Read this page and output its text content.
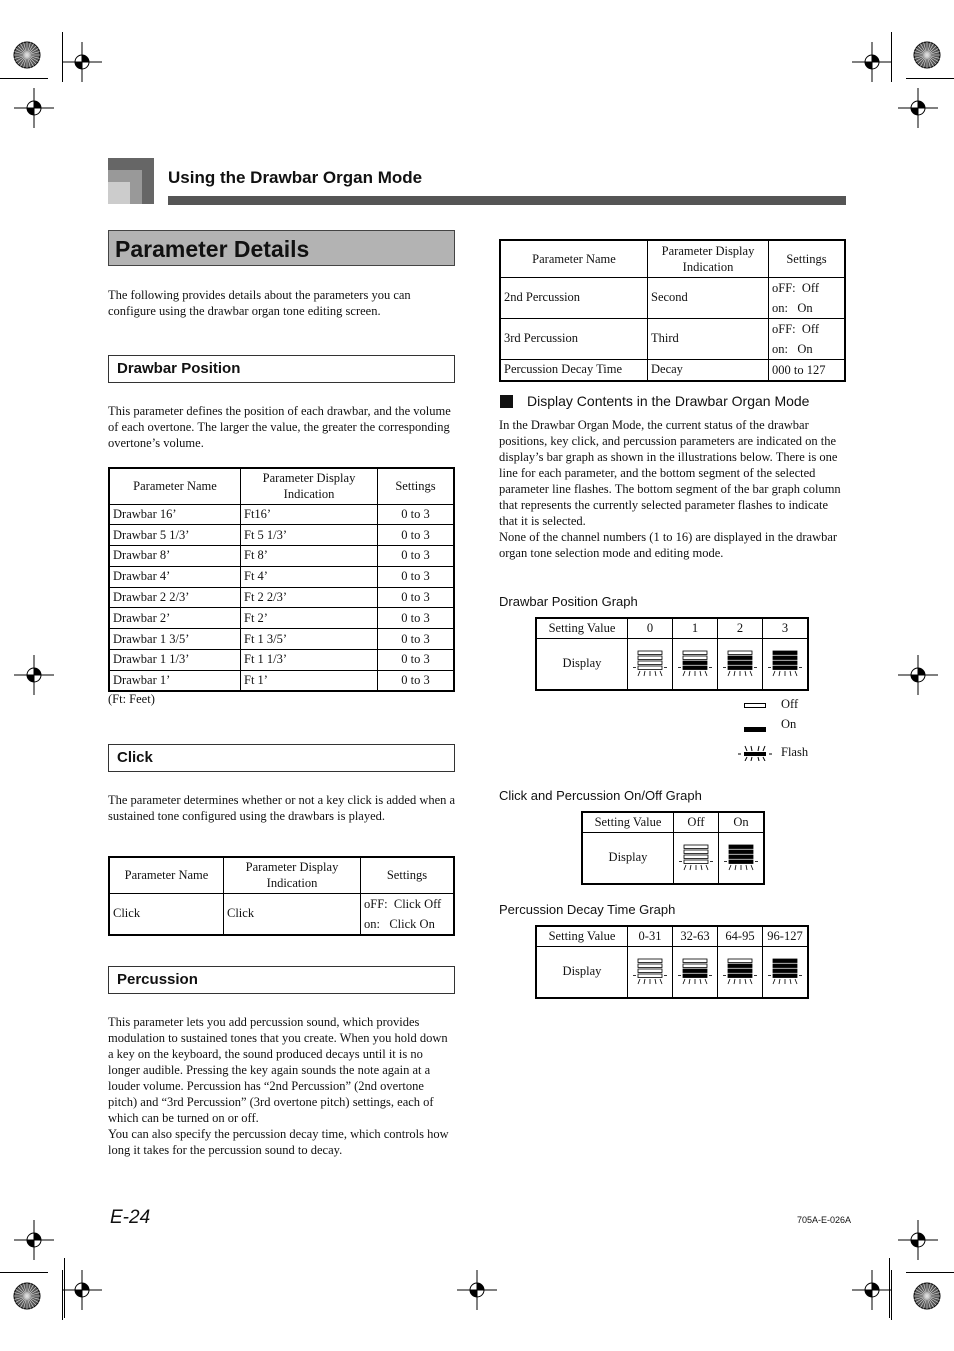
Using the Drawbar Organ Mode
Parameter Details
The following provides details about the parameters you can configure using the drawbar organ tone editing screen.
Drawbar Position
This parameter defines the position of each drawbar, and the volume of each overtone. The larger the value, the greater the corresponding overtone’s volume.
Parameter Name	Parameter Display Indication	Settings
Drawbar 16’	Ft16’	0 to 3
Drawbar 5 1/3’	Ft 5 1/3’	0 to 3
Drawbar 8’	Ft 8’	0 to 3
Drawbar 4’	Ft 4’	0 to 3
Drawbar 2 2/3’	Ft 2 2/3’	0 to 3
Drawbar 2’	Ft 2’	0 to 3
Drawbar 1 3/5’	Ft 1 3/5’	0 to 3
Drawbar 1 1/3’	Ft 1 1/3’	0 to 3
Drawbar 1’	Ft 1’	0 to 3
(Ft: Feet)
Click
The parameter determines whether or not a key click is added when a sustained tone configured using the drawbars is played.
Parameter Name	Parameter Display Indication	Settings
Click	Click	oFF:  Click Off
on:   Click On
Percussion
This parameter lets you add percussion sound, which provides modulation to sustained tones that you create. When you hold down a key on the keyboard, the sound produced decays until it is no longer audible. Pressing the key again sounds the note again at a louder volume. Percussion has “2nd Percussion” (2nd overtone pitch) and “3rd Percussion” (3rd overtone pitch) settings, each of which can be turned on or off.
You can also specify the percussion decay time, which controls how long it takes for the percussion sound to decay.
Parameter Name	Parameter Display Indication	Settings
2nd Percussion	Second	oFF:  Off
on:   On

3rd Percussion	Third	oFF:  Off
on:   On

Percussion Decay Time	Decay	000 to 127
Display Contents in the Drawbar Organ Mode
In the Drawbar Organ Mode, the current status of the drawbar positions, key click, and percussion parameters are indicated on the display’s bar graph as shown in the illustrations below. There is one line for each parameter, and the bottom segment of the selected parameter line flashes. The bottom segment of the bar graph column that represents the currently selected parameter flashes to indicate that it is selected.
None of the channel numbers (1 to 16) are displayed in the drawbar organ tone selection mode and editing mode.
Drawbar Position Graph
Setting Value	0	1	2	3
Display				
Off
On
Flash
Click and Percussion On/Off Graph
Setting Value	Off	On
Display		
Percussion Decay Time Graph
Setting Value	0-31	32-63	64-95	96-127
Display				
E-24	705A-E-026A
